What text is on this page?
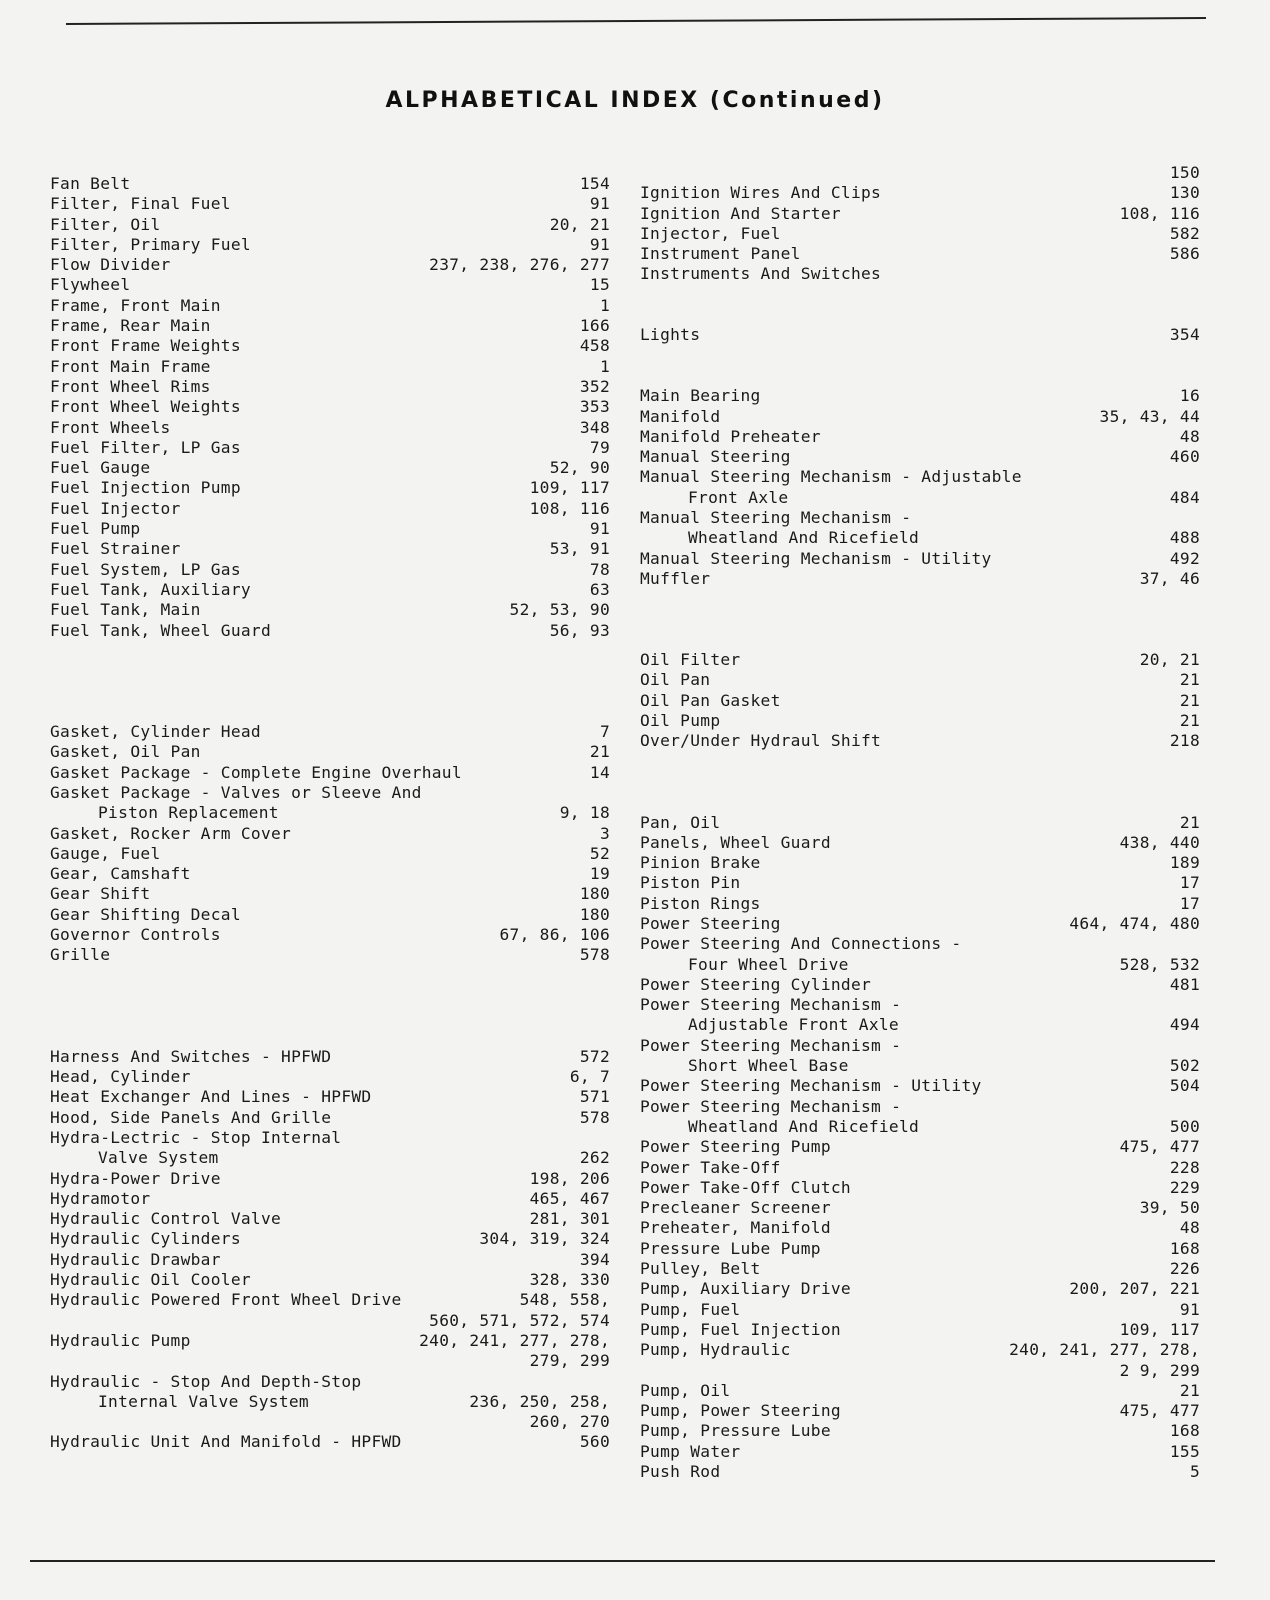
ALPHABETICAL INDEX (Continued)
Fan Belt	154
Filter, Final Fuel	91
Filter, Oil	20, 21
Filter, Primary Fuel	91
Flow Divider	237, 238, 276, 277
Flywheel	15
Frame, Front Main	1
Frame, Rear Main	166
Front Frame Weights	458
Front Main Frame	1
Front Wheel Rims	352
Front Wheel Weights	353
Front Wheels	348
Fuel Filter, LP Gas	79
Fuel Gauge	52, 90
Fuel Injection Pump	109, 117
Fuel Injector	108, 116
Fuel Pump	91
Fuel Strainer	53, 91
Fuel System, LP Gas	78
Fuel Tank, Auxiliary	63
Fuel Tank, Main	52, 53, 90
Fuel Tank, Wheel Guard	56, 93
Gasket, Cylinder Head	7
Gasket, Oil Pan	21
Gasket Package - Complete Engine Overhaul	14
Gasket Package - Valves or Sleeve And
Piston Replacement	9, 18
Gasket, Rocker Arm Cover	3
Gauge, Fuel	52
Gear, Camshaft	19
Gear Shift	180
Gear Shifting Decal	180
Governor Controls	67, 86, 106
Grille	578
Harness And Switches - HPFWD	572
Head, Cylinder	6, 7
Heat Exchanger And Lines - HPFWD	571
Hood, Side Panels And Grille	578
Hydra-Lectric - Stop Internal
Valve System	262
Hydra-Power Drive	198, 206
Hydramotor	465, 467
Hydraulic Control Valve	281, 301
Hydraulic Cylinders	304, 319, 324
Hydraulic Drawbar	394
Hydraulic Oil Cooler	328, 330
Hydraulic Powered Front Wheel Drive	548, 558,
560, 571, 572, 574
Hydraulic Pump	240, 241, 277, 278,
279, 299
Hydraulic - Stop And Depth-Stop
Internal Valve System	236, 250, 258,
260, 270
Hydraulic Unit And Manifold - HPFWD	560
150
Ignition Wires And Clips	130
Ignition And Starter	108, 116
Injector, Fuel	582
Instrument Panel	586
Instruments And Switches
Lights	354
Main Bearing	16
Manifold	35, 43, 44
Manifold Preheater	48
Manual Steering	460
Manual Steering Mechanism - Adjustable
Front Axle	484
Manual Steering Mechanism -
Wheatland And Ricefield	488
Manual Steering Mechanism - Utility	492
Muffler	37, 46
Oil Filter	20, 21
Oil Pan	21
Oil Pan Gasket	21
Oil Pump	21
Over/Under Hydraul Shift	218
Pan, Oil	21
Panels, Wheel Guard	438, 440
Pinion Brake	189
Piston Pin	17
Piston Rings	17
Power Steering	464, 474, 480
Power Steering And Connections -
Four Wheel Drive	528, 532
Power Steering Cylinder	481
Power Steering Mechanism -
Adjustable Front Axle	494
Power Steering Mechanism -
Short Wheel Base	502
Power Steering Mechanism - Utility	504
Power Steering Mechanism -
Wheatland And Ricefield	500
Power Steering Pump	475, 477
Power Take-Off	228
Power Take-Off Clutch	229
Precleaner Screener	39, 50
Preheater, Manifold	48
Pressure Lube Pump	168
Pulley, Belt	226
Pump, Auxiliary Drive	200, 207, 221
Pump, Fuel	91
Pump, Fuel Injection	109, 117
Pump, Hydraulic	240, 241, 277, 278,
2 9, 299
Pump, Oil	21
Pump, Power Steering	475, 477
Pump, Pressure Lube	168
Pump Water	155
Push Rod	5
